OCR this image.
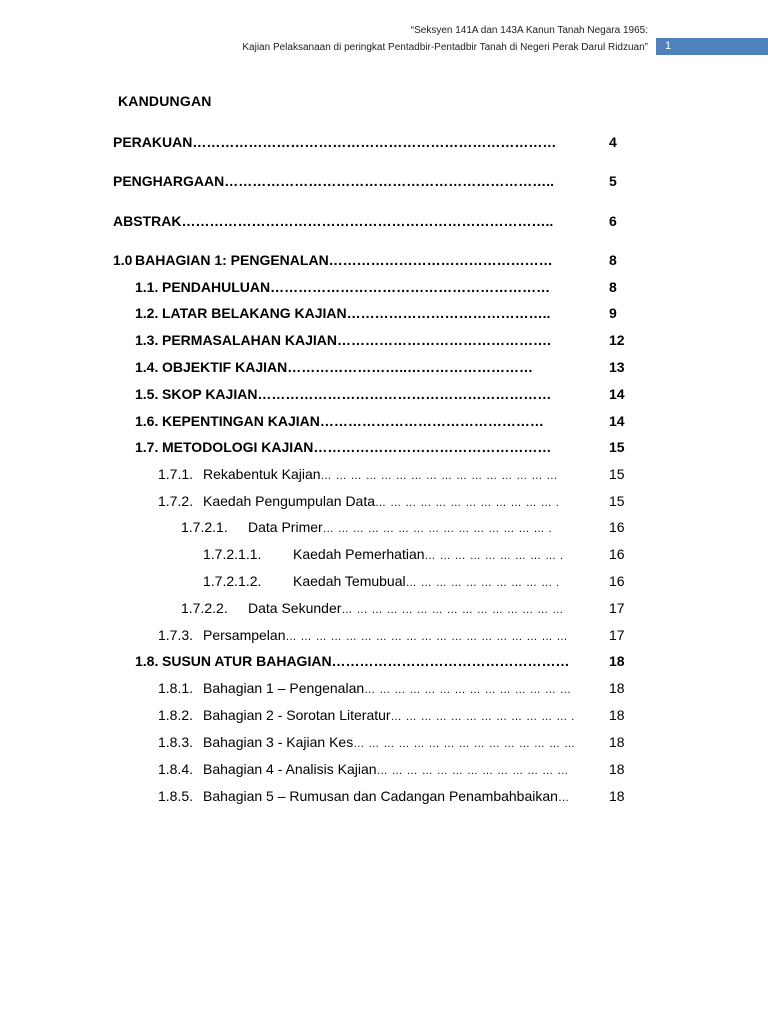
“Seksyen 141A dan 143A Kanun Tanah Negara 1965:
Kajian Pelaksanaan di peringkat Pentadbir-Pentadbir Tanah di Negeri Perak Darul Ridzuan” 1
KANDUNGAN
PERAKUAN……………………………………………………………………	4
PENGHARGAAN……………………………………………………………..	5
ABSTRAK……………………………………………………………………..	6
1.0 BAHAGIAN 1: PENGENALAN…………………………………………	8
1.1. PENDAHULUAN……………………………………………………	8
1.2. LATAR BELAKANG KAJIAN……………………………………..	9
1.3. PERMASALAHAN KAJIAN……………………………………….	12
1.4. OBJEKTIF KAJIAN……………………..………………………	13
1.5. SKOP KAJIAN………………………………………………………	14
1.6. KEPENTINGAN KAJIAN…………………………………………	14
1.7. METODOLOGI KAJIAN……………………………………………	15
1.7.1. Rekabentuk Kajian… … … … … … … … … … … … … … … …	15
1.7.2. Kaedah Pengumpulan Data… … … … … … … … … … … … .	15
1.7.2.1. Data Primer… … … … … … … … … … … … … … … .	16
1.7.2.1.1. Kaedah Pemerhatian… … … … … … … … … .	16
1.7.2.1.2. Kaedah Temubual… … … … … … … … … … .	16
1.7.2.2. Data Sekunder… … … … … … … … … … … … … … …	17
1.7.3. Persampelan… … … … … … … … … … … … … … … … … … …	17
1.8. SUSUN ATUR BAHAGIAN……………………………………………	18
1.8.1. Bahagian 1 – Pengenalan… … … … … … … … … … … … … …	18
1.8.2. Bahagian 2 - Sorotan Literatur… … … … … … … … … … … … .	18
1.8.3. Bahagian 3 - Kajian Kes… … … … … … … … … … … … … … …	18
1.8.4. Bahagian 4 - Analisis Kajian… … … … … … … … … … … … …	18
1.8.5. Bahagian 5 – Rumusan dan Cadangan Penambahbaikan…	18
